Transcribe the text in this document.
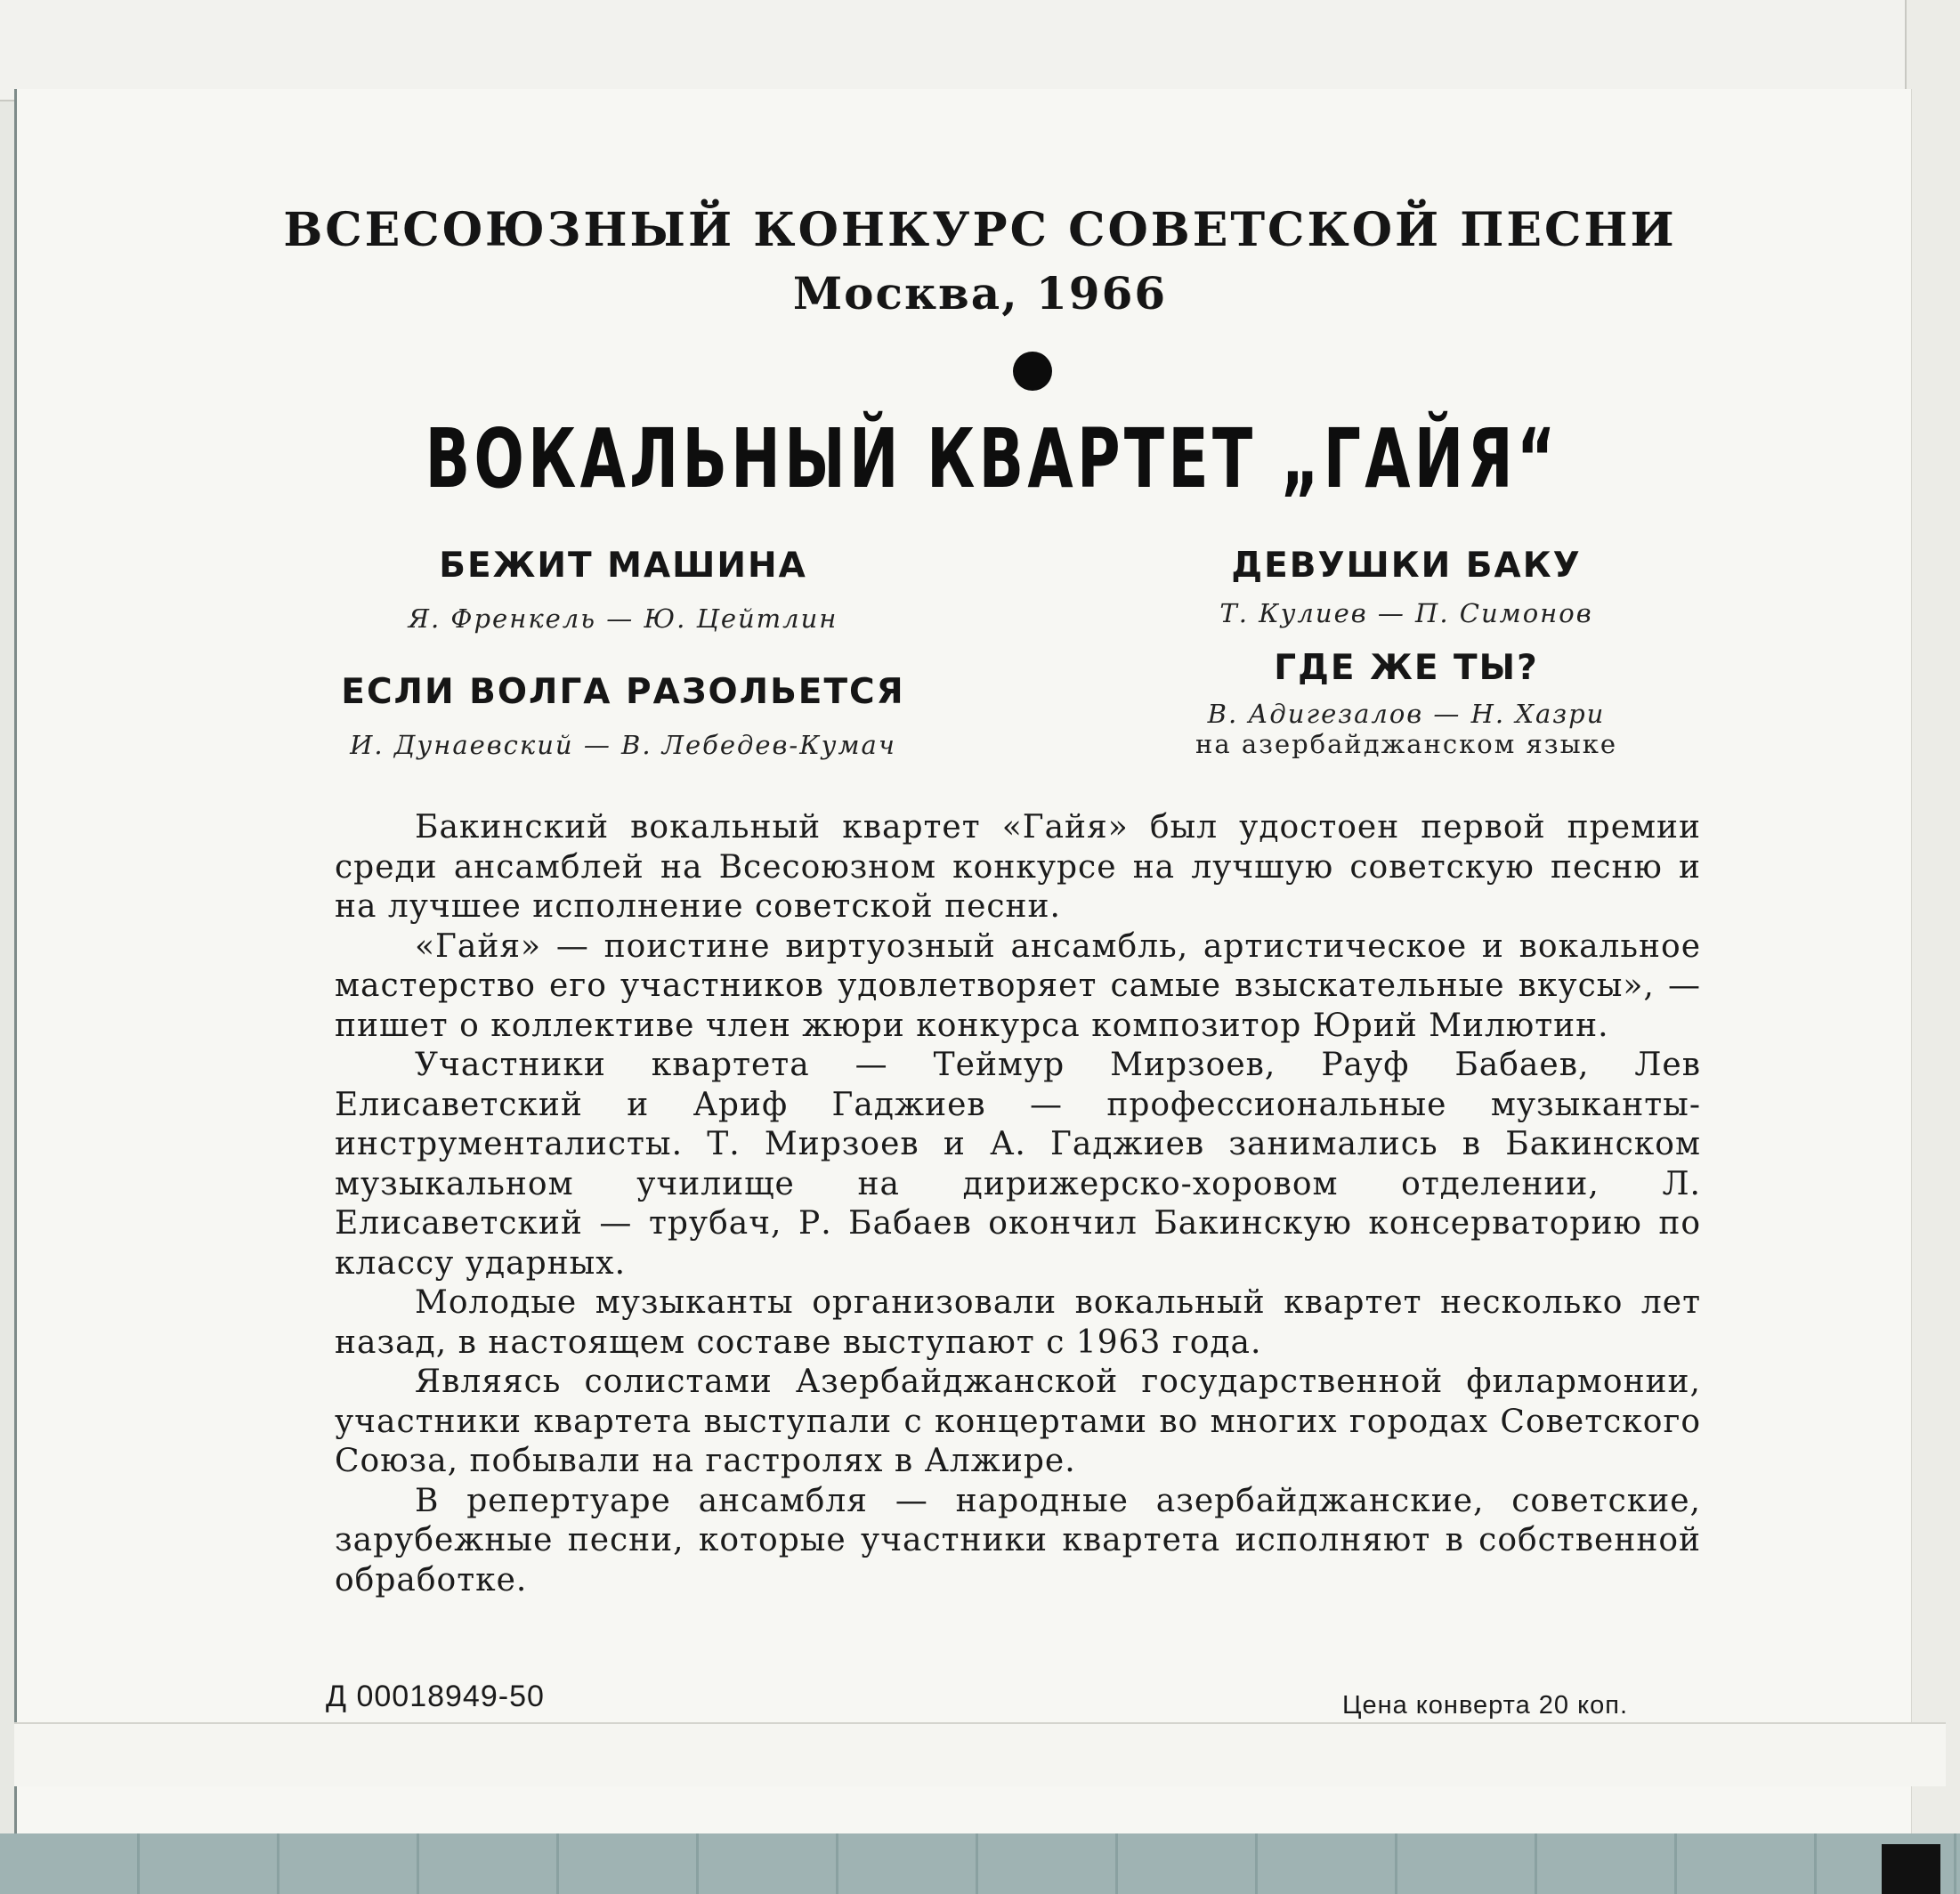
ВСЕСОЮЗНЫЙ КОНКУРС СОВЕТСКОЙ ПЕСНИ
Москва, 1966
ВОКАЛЬНЫЙ КВАРТЕТ „ГАЙЯ“
БЕЖИТ МАШИНА
Я. Френкель — Ю. Цейтлин
ЕСЛИ ВОЛГА РАЗОЛЬЕТСЯ
И. Дунаевский — В. Лебедев-Кумач
ДЕВУШКИ БАКУ
Т. Кулиев — П. Симонов
ГДЕ ЖЕ ТЫ?
В. Адигезалов — Н. Хазри
на азербайджанском языке

Бакинский вокальный квартет «Гайя» был удостоен первой премии среди ансамблей на Всесоюзном конкурсе на лучшую советскую песню и на лучшее исполнение советской песни.

«Гайя» — поистине виртуозный ансамбль, артистическое и вокальное мастерство его участников удовлетворяет самые взыскательные вкусы», — пишет о коллективе член жюри конкурса композитор Юрий Милютин.

Участники квартета — Теймур Мирзоев, Рауф Бабаев, Лев Елисаветский и Ариф Гаджиев — профессиональные музыканты-инструменталисты. Т. Мирзоев и А. Гаджиев занимались в Бакинском музыкальном училище на дирижерско-хоровом отделении, Л. Елисаветский — трубач, Р. Бабаев окончил Бакинскую консерваторию по классу ударных.

Молодые музыканты организовали вокальный квартет несколько лет назад, в настоящем составе выступают с 1963 года.

Являясь солистами Азербайджанской государственной филармонии, участники квартета выступали с концертами во многих городах Советского Союза, побывали на гастролях в Алжире.

В репертуаре ансамбля — народные азербайджанские, советские, зарубежные песни, которые участники квартета исполняют в собственной обработке.

Д 00018949-50	Цена конверта 20 коп.
